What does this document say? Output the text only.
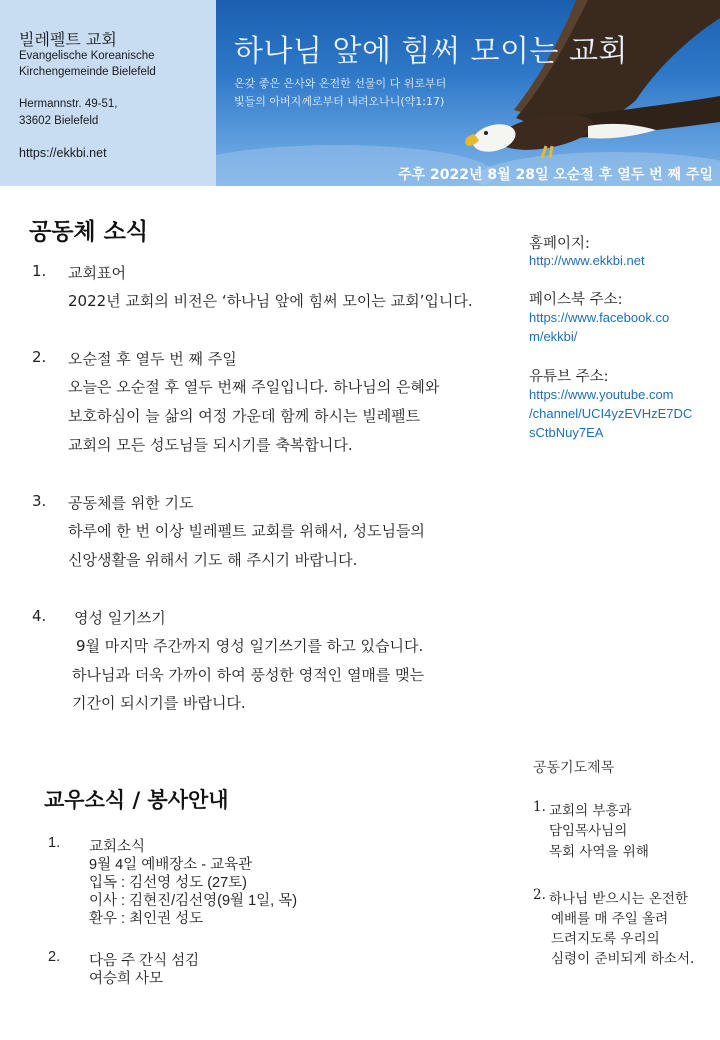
빌레펠트 교회
Evangelische Koreanische
Kirchengemeinde Bielefeld
Hermannstr. 49-51,
33602 Bielefeld
https://ekkbi.net
하나님 앞에 힘써 모이는 교회
온갖 좋은 은사와 온전한 선물이 다 위로부터
빛들의 아버지께로부터 내려오나니(약1:17)
주후 2022년 8월 28일 오순절 후 열두 번 째 주일
공동체 소식
1. 교회표어
2022년 교회의 비전은 ‘하나님 앞에 힘써 모이는 교회’입니다.
2. 오순절 후 열두 번 째 주일
오늘은 오순절 후 열두 번째 주일입니다. 하나님의 은혜와
보호하심이 늘 삶의 여정 가운데 함께 하시는 빌레펠트
교회의 모든 성도님들 되시기를 축복합니다.
3. 공동체를 위한 기도
하루에 한 번 이상 빌레펠트 교회를 위해서, 성도님들의
신앙생활을 위해서 기도 해 주시기 바랍니다.
4. 영성 일기쓰기
9월 마지막 주간까지 영성 일기쓰기를 하고 있습니다.
하나님과 더욱 가까이 하여 풍성한 영적인 열매를 맺는
기간이 되시기를 바랍니다.
교우소식 / 봉사안내
1. 교회소식
9월 4일 예배장소 - 교육관
입독 : 김선영 성도 (27토)
이사 : 김현진/김선영(9월 1일, 목)
환우 : 최인권 성도
2. 다음 주 간식 섬김
여승희 사모
홈페이지:
http://www.ekkbi.net
페이스북 주소:
https://www.facebook.co
m/ekkbi/
유튜브 주소:
https://www.youtube.com
/channel/UCI4yzEVHzE7DC
sCtbNuy7EA
공동기도제목
1. 교회의 부흥과
담임목사님의
목회 사역을 위해
2. 하나님 받으시는 온전한
예배를 매 주일 올려
드려지도록 우리의
심령이 준비되게 하소서.
